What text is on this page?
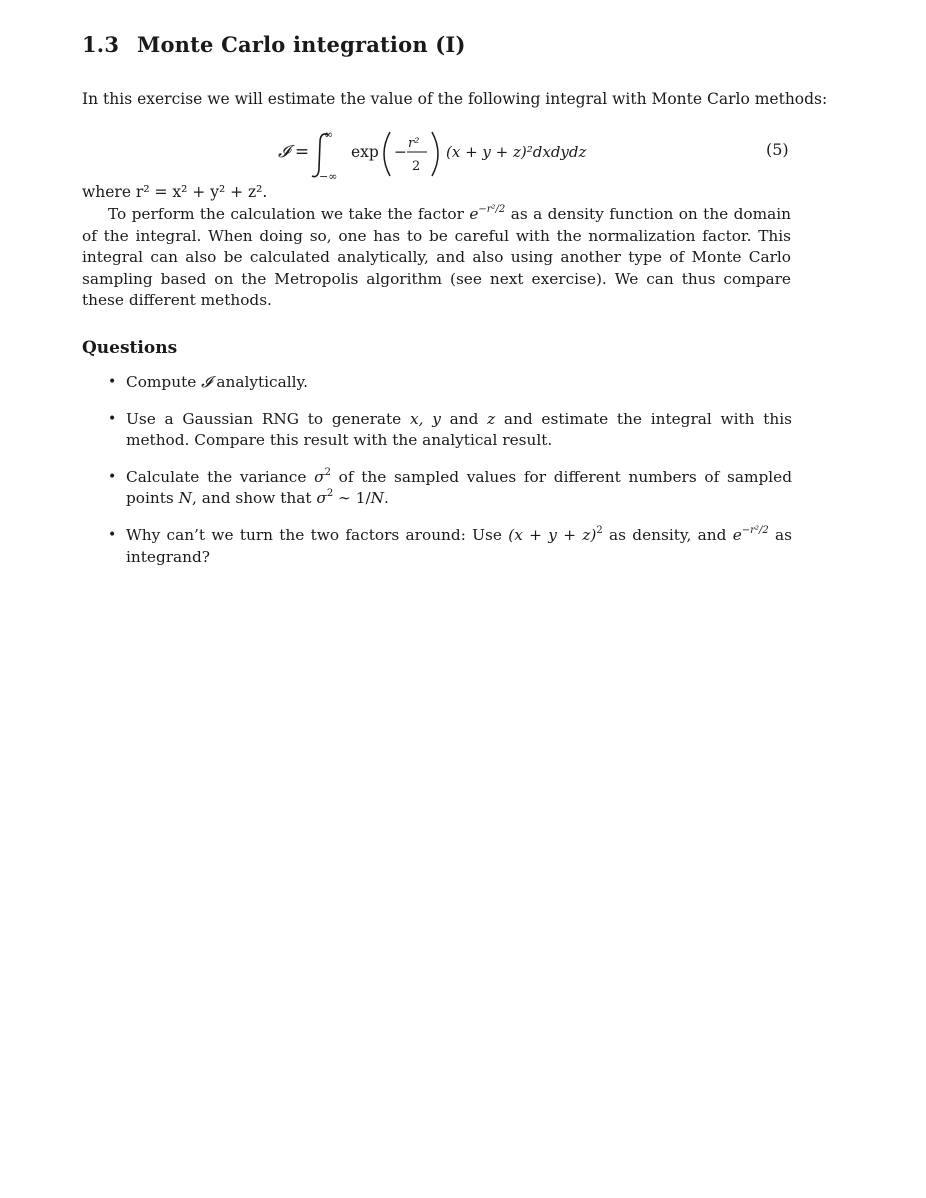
1.3 Monte Carlo integration (I)
In this exercise we will estimate the value of the following integral with Monte Carlo methods:
𝓘 =
∞
−∞
exp − r²
2
(x + y + z)²dxdydz	(5)
where r² = x² + y² + z².
To perform the calculation we take the factor $e^{-r^2/2}$ as a density function on the domain of the integral. When doing so, one has to be careful with the normalization factor. This integral can also be calculated analytically, and also using another type of Monte Carlo sampling based on the Metropolis algorithm (see next exercise). We can thus compare these different methods.
Questions
• Compute 𝓘 analytically.
• Use a Gaussian RNG to generate x, y and z and estimate the integral with this method. Compare this result with the analytical result.
• Calculate the variance $\sigma^2$ of the sampled values for different numbers of sampled points N, and show that $\sigma^2$ ∼ 1/N.
• Why can’t we turn the two factors around: Use $(x + y + z)^2$ as density, and $e^{-r^2/2}$ as integrand?
